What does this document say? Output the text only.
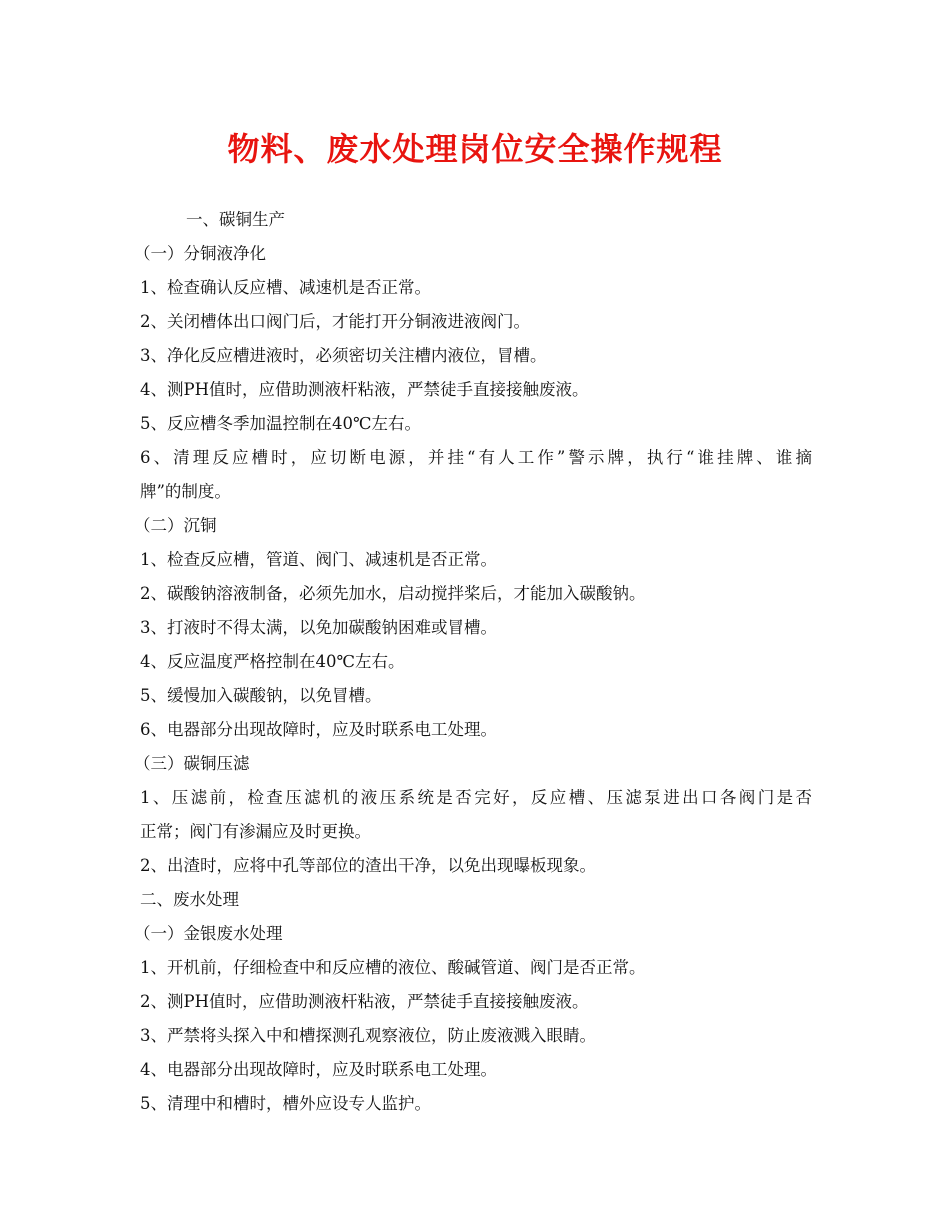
物料、废水处理岗位安全操作规程
一、碳铜生产
（一）分铜液净化
1、检查确认反应槽、减速机是否正常。
2、关闭槽体出口阀门后，才能打开分铜液进液阀门。
3、净化反应槽进液时，必须密切关注槽内液位，冒槽。
4、测PH值时，应借助测液杆粘液，严禁徒手直接接触废液。
5、反应槽冬季加温控制在40℃左右。
6、清理反应槽时，应切断电源，并挂“有人工作”警示牌，执行“谁挂牌、谁摘
牌”的制度。
（二）沉铜
1、检查反应槽，管道、阀门、减速机是否正常。
2、碳酸钠溶液制备，必须先加水，启动搅拌桨后，才能加入碳酸钠。
3、打液时不得太满，以免加碳酸钠困难或冒槽。
4、反应温度严格控制在40℃左右。
5、缓慢加入碳酸钠，以免冒槽。
6、电器部分出现故障时，应及时联系电工处理。
（三）碳铜压滤
1、压滤前，检查压滤机的液压系统是否完好，反应槽、压滤泵进出口各阀门是否
正常；阀门有渗漏应及时更换。
2、出渣时，应将中孔等部位的渣出干净，以免出现曝板现象。
二、废水处理
（一）金银废水处理
1、开机前，仔细检查中和反应槽的液位、酸碱管道、阀门是否正常。
2、测PH值时，应借助测液杆粘液，严禁徒手直接接触废液。
3、严禁将头探入中和槽探测孔观察液位，防止废液溅入眼睛。
4、电器部分出现故障时，应及时联系电工处理。
5、清理中和槽时，槽外应设专人监护。
